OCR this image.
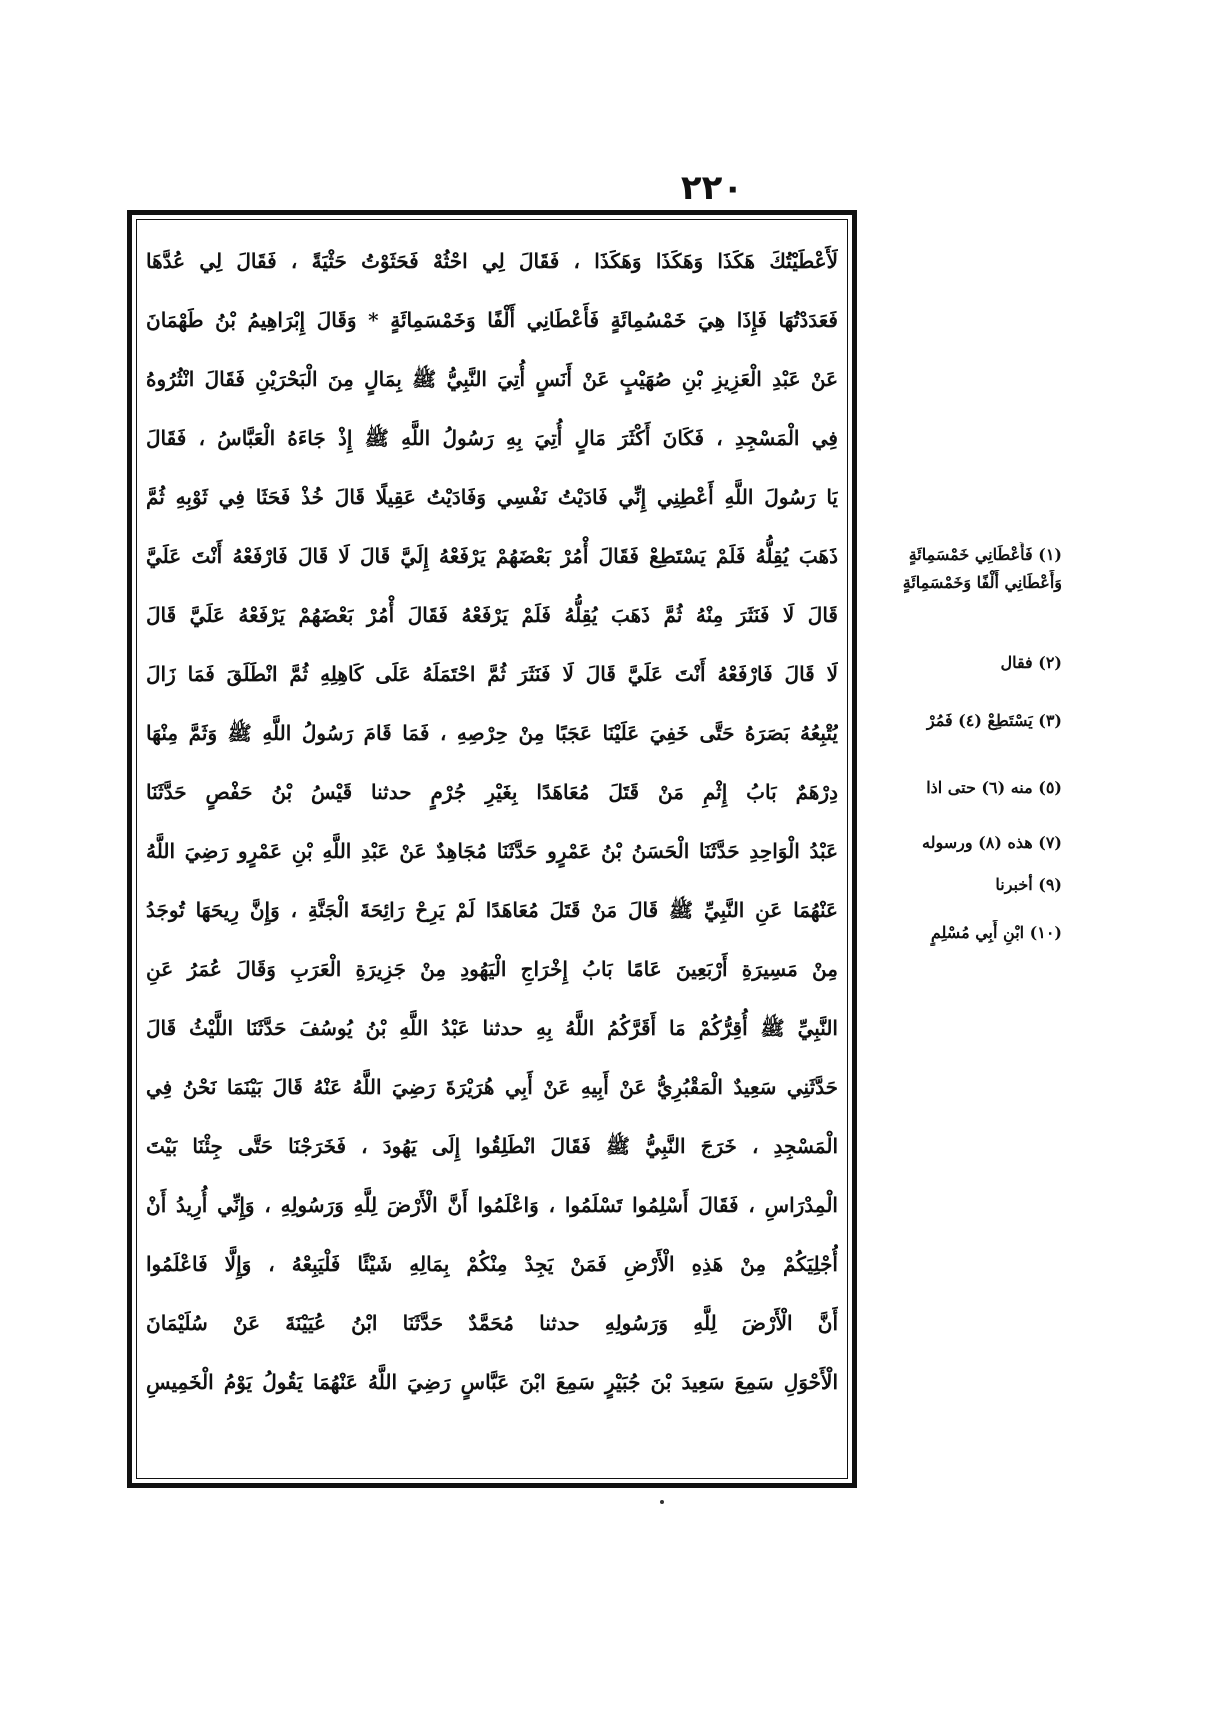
٢٢٠
لَأَعْطَيْتُكَ هَكَذَا وَهَكَذَا وَهَكَذَا ، فَقَالَ لِي احْثُهْ فَحَثَوْتُ حَثْيَةً ، فَقَالَ لِي عُدَّهَا
فَعَدَدْتُهَا فَإِذَا هِيَ خَمْسُمِائَةٍ فَأَعْطَانِي أَلْفًا وَخَمْسَمِائَةٍ * وَقَالَ إِبْرَاهِيمُ بْنُ طَهْمَانَ
عَنْ عَبْدِ الْعَزِيزِ بْنِ صُهَيْبٍ عَنْ أَنَسٍ أُتِيَ النَّبِيُّ ﷺ بِمَالٍ مِنَ الْبَحْرَيْنِ فَقَالَ انْثُرُوهُ
فِي الْمَسْجِدِ ، فَكَانَ أَكْثَرَ مَالٍ أُتِيَ بِهِ رَسُولُ اللَّهِ ﷺ إِذْ جَاءَهُ الْعَبَّاسُ ، فَقَالَ
يَا رَسُولَ اللَّهِ أَعْطِنِي إِنِّي فَادَيْتُ نَفْسِي وَفَادَيْتُ عَقِيلًا قَالَ خُذْ فَحَثَا فِي ثَوْبِهِ ثُمَّ
ذَهَبَ يُقِلُّهُ فَلَمْ يَسْتَطِعْ فَقَالَ أْمُرْ بَعْضَهُمْ يَرْفَعْهُ إِلَيَّ قَالَ لَا قَالَ فَارْفَعْهُ أَنْتَ عَلَيَّ
قَالَ لَا فَنَثَرَ مِنْهُ ثُمَّ ذَهَبَ يُقِلُّهُ فَلَمْ يَرْفَعْهُ فَقَالَ أْمُرْ بَعْضَهُمْ يَرْفَعْهُ عَلَيَّ قَالَ
لَا قَالَ فَارْفَعْهُ أَنْتَ عَلَيَّ قَالَ لَا فَنَثَرَ ثُمَّ احْتَمَلَهُ عَلَى كَاهِلِهِ ثُمَّ انْطَلَقَ فَمَا زَالَ
يُتْبِعُهُ بَصَرَهُ حَتَّى خَفِيَ عَلَيْنَا عَجَبًا مِنْ حِرْصِهِ ، فَمَا قَامَ رَسُولُ اللَّهِ ﷺ وَثَمَّ مِنْهَا
دِرْهَمٌ بَابُ إِثْمِ مَنْ قَتَلَ مُعَاهَدًا بِغَيْرِ جُرْمٍ حدثنا قَيْسُ بْنُ حَفْصٍ حَدَّثَنَا
عَبْدُ الْوَاحِدِ حَدَّثَنَا الْحَسَنُ بْنُ عَمْرٍو حَدَّثَنَا مُجَاهِدٌ عَنْ عَبْدِ اللَّهِ بْنِ عَمْرٍو رَضِيَ اللَّهُ
عَنْهُمَا عَنِ النَّبِيِّ ﷺ قَالَ مَنْ قَتَلَ مُعَاهَدًا لَمْ يَرِحْ رَائِحَةَ الْجَنَّةِ ، وَإِنَّ رِيحَهَا تُوجَدُ
مِنْ مَسِيرَةِ أَرْبَعِينَ عَامًا بَابُ إِخْرَاجِ الْيَهُودِ مِنْ جَزِيرَةِ الْعَرَبِ وَقَالَ عُمَرُ عَنِ
النَّبِيِّ ﷺ أُقِرُّكُمْ مَا أَقَرَّكُمُ اللَّهُ بِهِ حدثنا عَبْدُ اللَّهِ بْنُ يُوسُفَ حَدَّثَنَا اللَّيْثُ قَالَ
حَدَّثَنِي سَعِيدٌ الْمَقْبُرِيُّ عَنْ أَبِيهِ عَنْ أَبِي هُرَيْرَةَ رَضِيَ اللَّهُ عَنْهُ قَالَ بَيْنَمَا نَحْنُ فِي
الْمَسْجِدِ ، خَرَجَ النَّبِيُّ ﷺ فَقَالَ انْطَلِقُوا إِلَى يَهُودَ ، فَخَرَجْنَا حَتَّى جِئْنَا بَيْتَ
الْمِدْرَاسِ ، فَقَالَ أَسْلِمُوا تَسْلَمُوا ، وَاعْلَمُوا أَنَّ الْأَرْضَ لِلَّهِ وَرَسُولِهِ ، وَإِنِّي أُرِيدُ أَنْ
أُجْلِيَكُمْ مِنْ هَذِهِ الْأَرْضِ فَمَنْ يَجِدْ مِنْكُمْ بِمَالِهِ شَيْئًا فَلْيَبِعْهُ ، وَإِلَّا فَاعْلَمُوا
أَنَّ الْأَرْضَ لِلَّهِ وَرَسُولِهِ حدثنا مُحَمَّدٌ حَدَّثَنَا ابْنُ عُيَيْنَةَ عَنْ سُلَيْمَانَ
الْأَحْوَلِ سَمِعَ سَعِيدَ بْنَ جُبَيْرٍ سَمِعَ ابْنَ عَبَّاسٍ رَضِيَ اللَّهُ عَنْهُمَا يَقُولُ يَوْمُ الْخَمِيسِ
(١) فَأَعْطَانِي خَمْسَمِائَةٍ
وَأَعْطَانِي أَلْفًا وَخَمْسَمِائَةٍ
(٢) فقال
(٣) يَسْتَطِعْ (٤) فَمُرْ
(٥) منه (٦) حتى اذا
(٧) هذه (٨) ورسوله
(٩) أخبرنا
(١٠) ابْنِ أَبِي مُسْلِمٍ
